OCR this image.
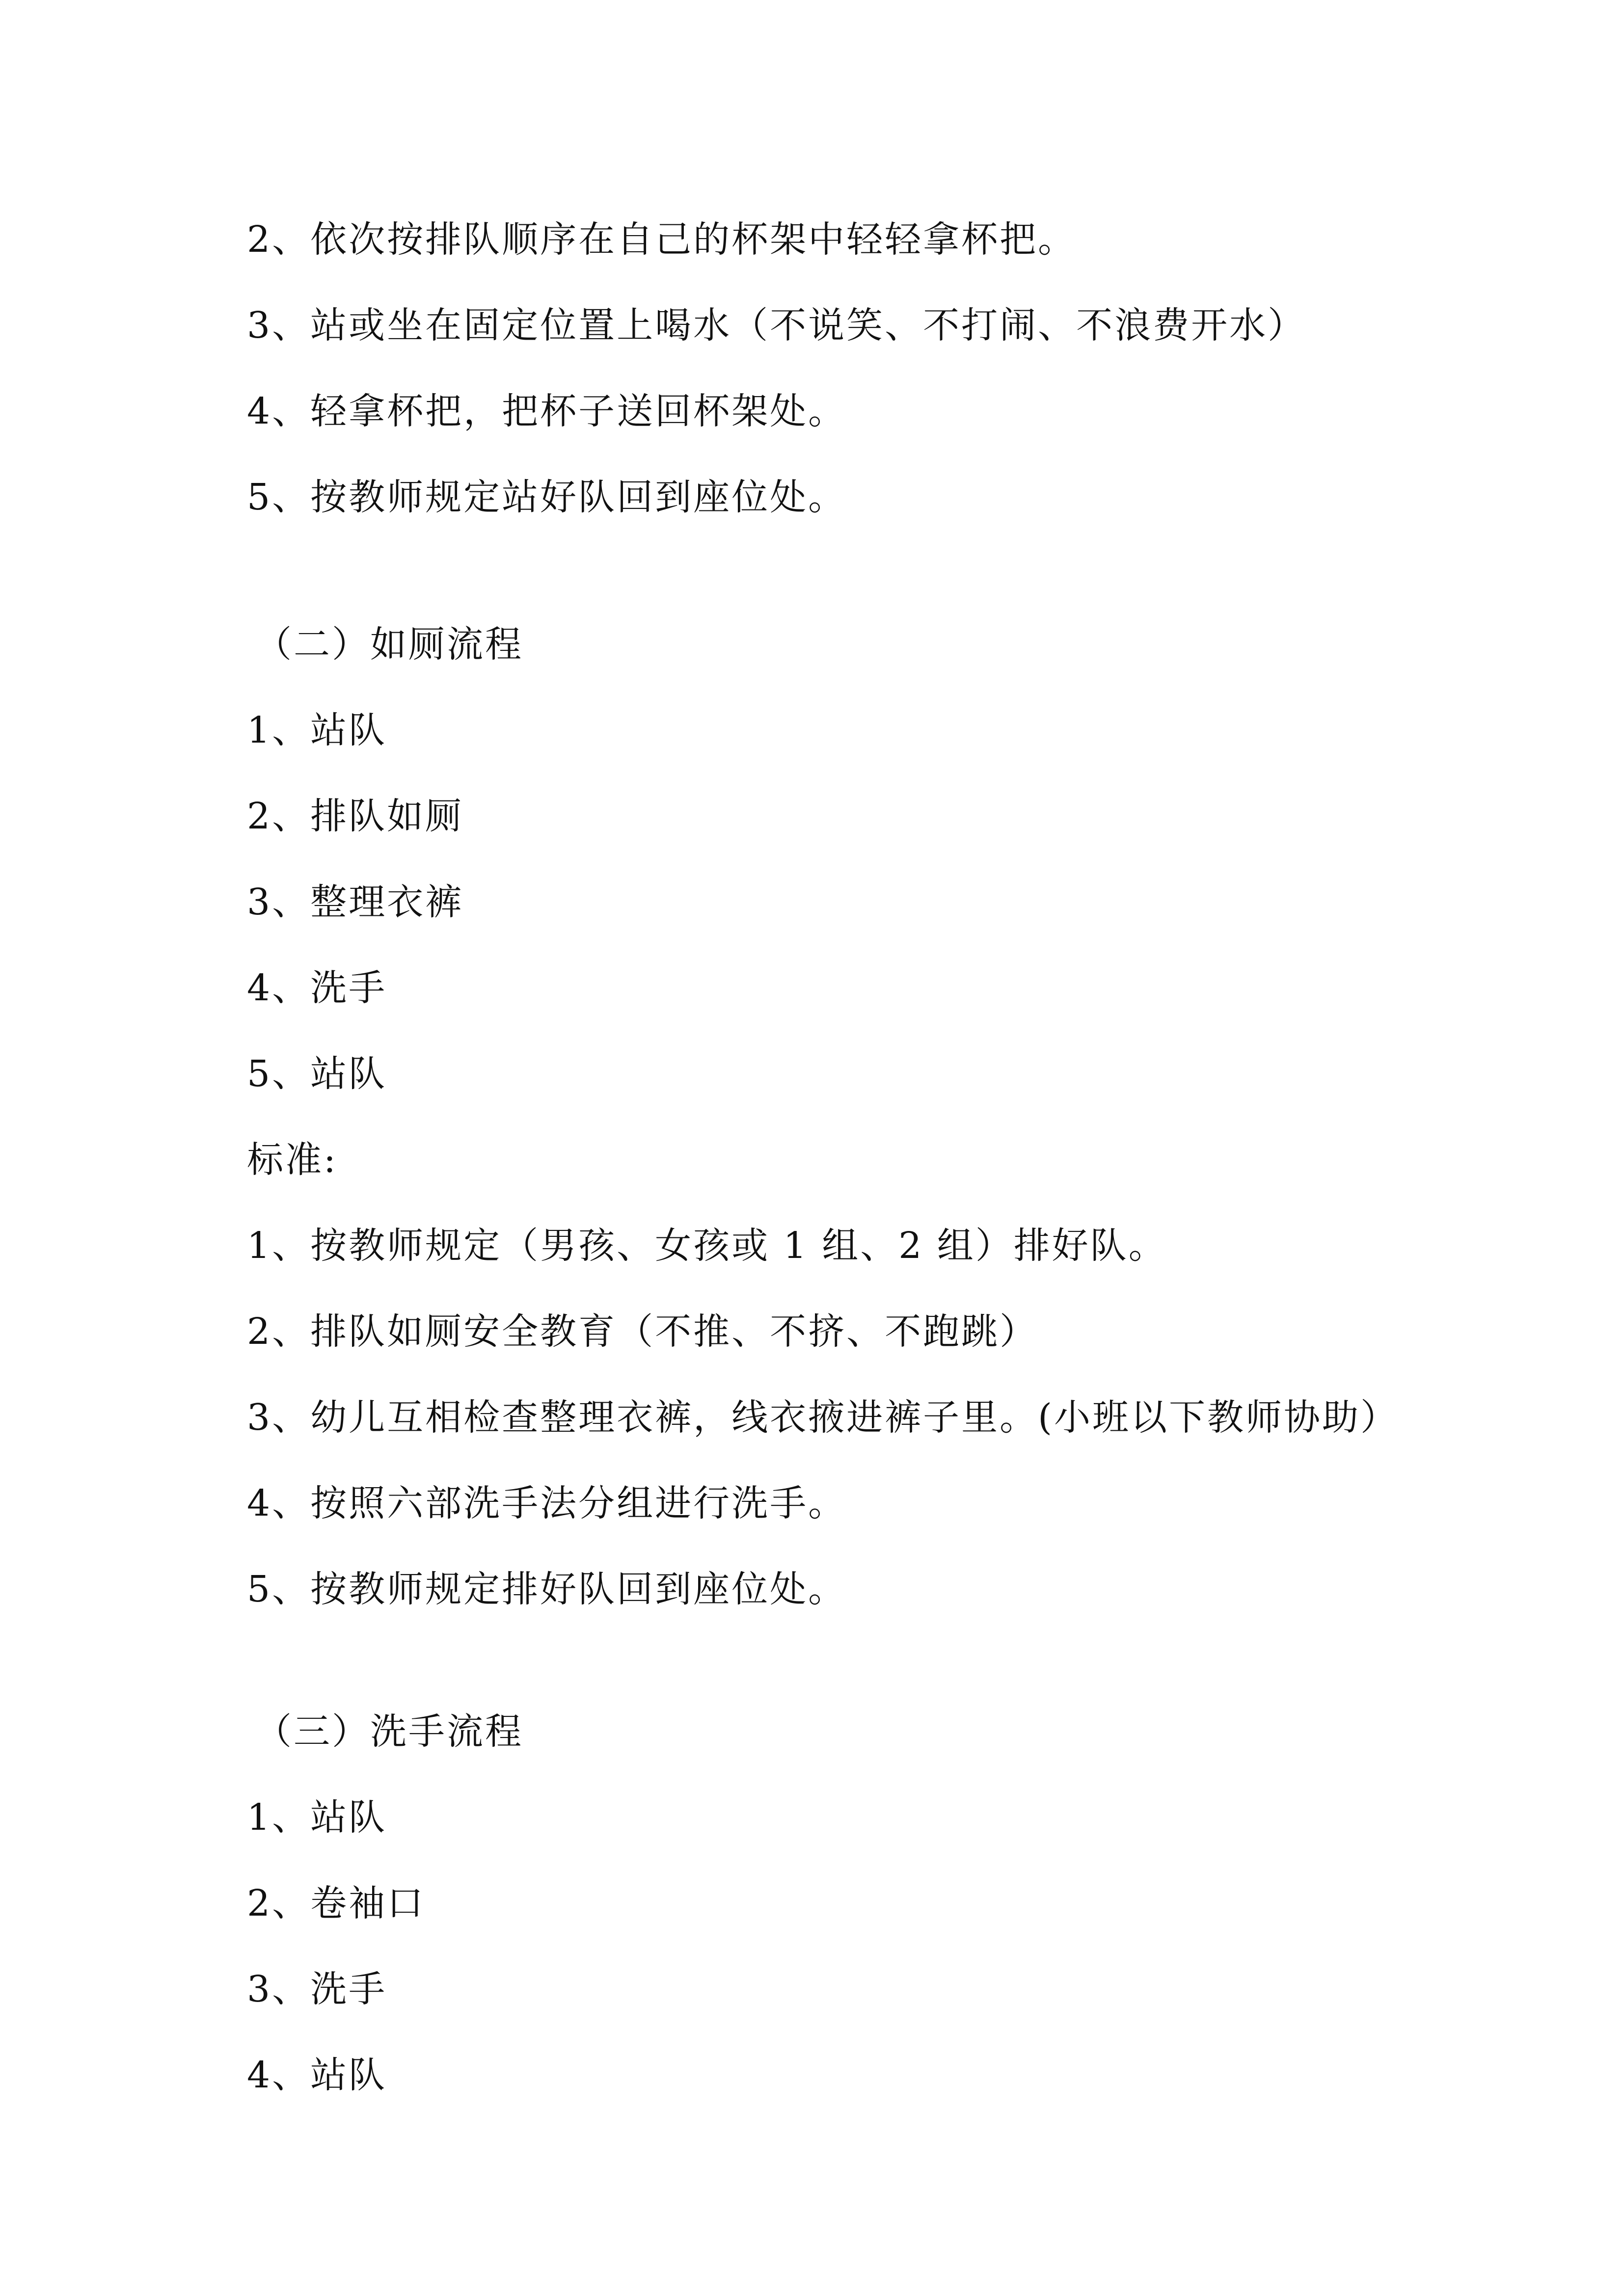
2、依次按排队顺序在自己的杯架中轻轻拿杯把。
3、站或坐在固定位置上喝水（不说笑、不打闹、不浪费开水）
4、轻拿杯把，把杯子送回杯架处。
5、按教师规定站好队回到座位处。
（二）如厕流程
1、站队
2、排队如厕
3、整理衣裤
4、洗手
5、站队
标准:
1、按教师规定（男孩、女孩或 1 组、2 组）排好队。
2、排队如厕安全教育（不推、不挤、不跑跳）
3、幼儿互相检查整理衣裤，线衣掖进裤子里。(小班以下教师协助）
4、按照六部洗手法分组进行洗手。
5、按教师规定排好队回到座位处。
（三）洗手流程
1、站队
2、卷袖口
3、洗手
4、站队
